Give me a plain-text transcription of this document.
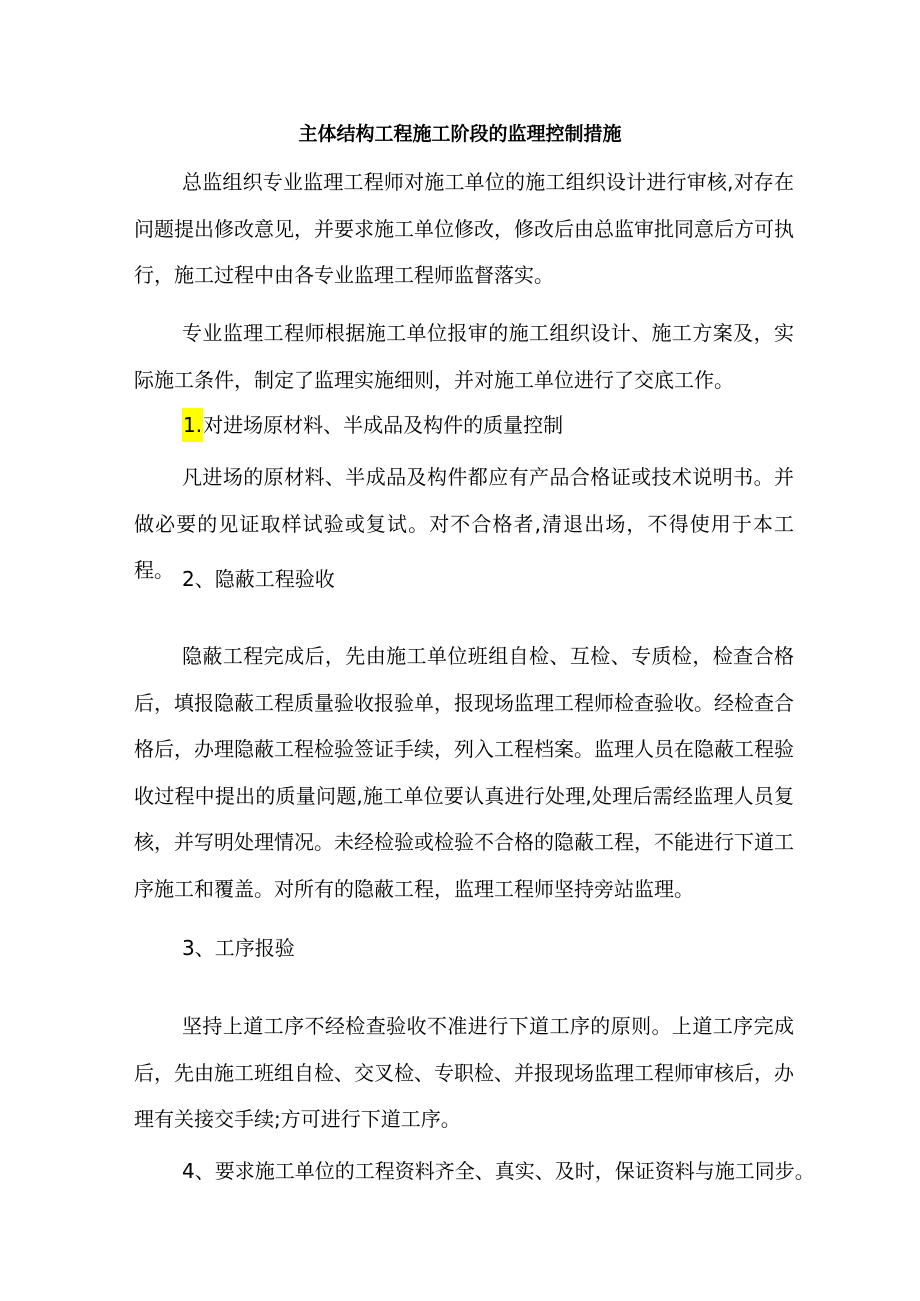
主体结构工程施工阶段的监理控制措施

总监组织专业监理工程师对施工单位的施工组织设计进行审核,对存在问题提出修改意见，并要求施工单位修改，修改后由总监审批同意后方可执行，施工过程中由各专业监理工程师监督落实。

专业监理工程师根据施工单位报审的施工组织设计、施工方案及，实际施工条件，制定了监理实施细则，并对施工单位进行了交底工作。

1.对进场原材料、半成品及构件的质量控制

凡进场的原材料、半成品及构件都应有产品合格证或技术说明书。并做必要的见证取样试验或复试。对不合格者,清退出场，不得使用于本工程。 2、隐蔽工程验收

隐蔽工程完成后，先由施工单位班组自检、互检、专质检，检查合格后，填报隐蔽工程质量验收报验单，报现场监理工程师检查验收。经检查合格后，办理隐蔽工程检验签证手续，列入工程档案。监理人员在隐蔽工程验收过程中提出的质量问题,施工单位要认真进行处理,处理后需经监理人员复核，并写明处理情况。未经检验或检验不合格的隐蔽工程，不能进行下道工序施工和覆盖。对所有的隐蔽工程，监理工程师坚持旁站监理。

3、工序报验

坚持上道工序不经检查验收不准进行下道工序的原则。上道工序完成后，先由施工班组自检、交叉检、专职检、并报现场监理工程师审核后，办理有关接交手续;方可进行下道工序。

4、要求施工单位的工程资料齐全、真实、及时，保证资料与施工同步。
